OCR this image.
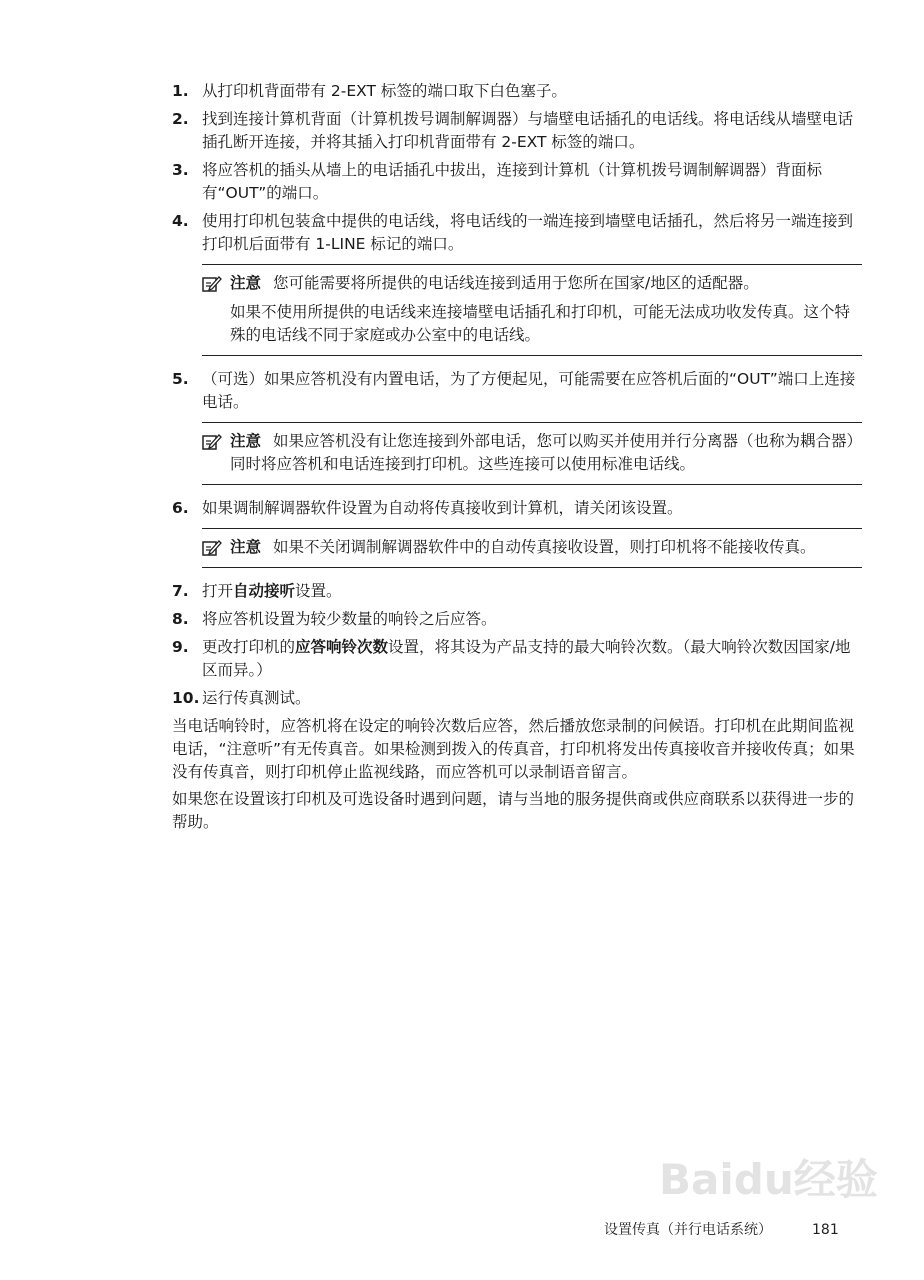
1. 从打印机背面带有 2-EXT 标签的端口取下白色塞子。
2. 找到连接计算机背面（计算机拨号调制解调器）与墙壁电话插孔的电话线。将电话线从墙壁电话插孔断开连接，并将其插入打印机背面带有 2-EXT 标签的端口。
3. 将应答机的插头从墙上的电话插孔中拔出，连接到计算机（计算机拨号调制解调器）背面标有“OUT”的端口。
4. 使用打印机包装盒中提供的电话线，将电话线的一端连接到墙壁电话插孔，然后将另一端连接到打印机后面带有 1-LINE 标记的端口。
注意 您可能需要将所提供的电话线连接到适用于您所在国家/地区的适配器。
如果不使用所提供的电话线来连接墙壁电话插孔和打印机，可能无法成功收发传真。这个特殊的电话线不同于家庭或办公室中的电话线。
5. （可选）如果应答机没有内置电话，为了方便起见，可能需要在应答机后面的“OUT”端口上连接电话。
注意 如果应答机没有让您连接到外部电话，您可以购买并使用并行分离器（也称为耦合器）同时将应答机和电话连接到打印机。这些连接可以使用标准电话线。
6. 如果调制解调器软件设置为自动将传真接收到计算机，请关闭该设置。
注意 如果不关闭调制解调器软件中的自动传真接收设置，则打印机将不能接收传真。
7. 打开自动接听设置。
8. 将应答机设置为较少数量的响铃之后应答。
9. 更改打印机的应答响铃次数设置，将其设为产品支持的最大响铃次数。（最大响铃次数因国家/地区而异。）
10. 运行传真测试。
当电话响铃时，应答机将在设定的响铃次数后应答，然后播放您录制的问候语。打印机在此期间监视电话，“注意听”有无传真音。如果检测到拨入的传真音，打印机将发出传真接收音并接收传真；如果没有传真音，则打印机停止监视线路，而应答机可以录制语音留言。
如果您在设置该打印机及可选设备时遇到问题，请与当地的服务提供商或供应商联系以获得进一步的帮助。
Baidu经验
设置传真（并行电话系统）	181
